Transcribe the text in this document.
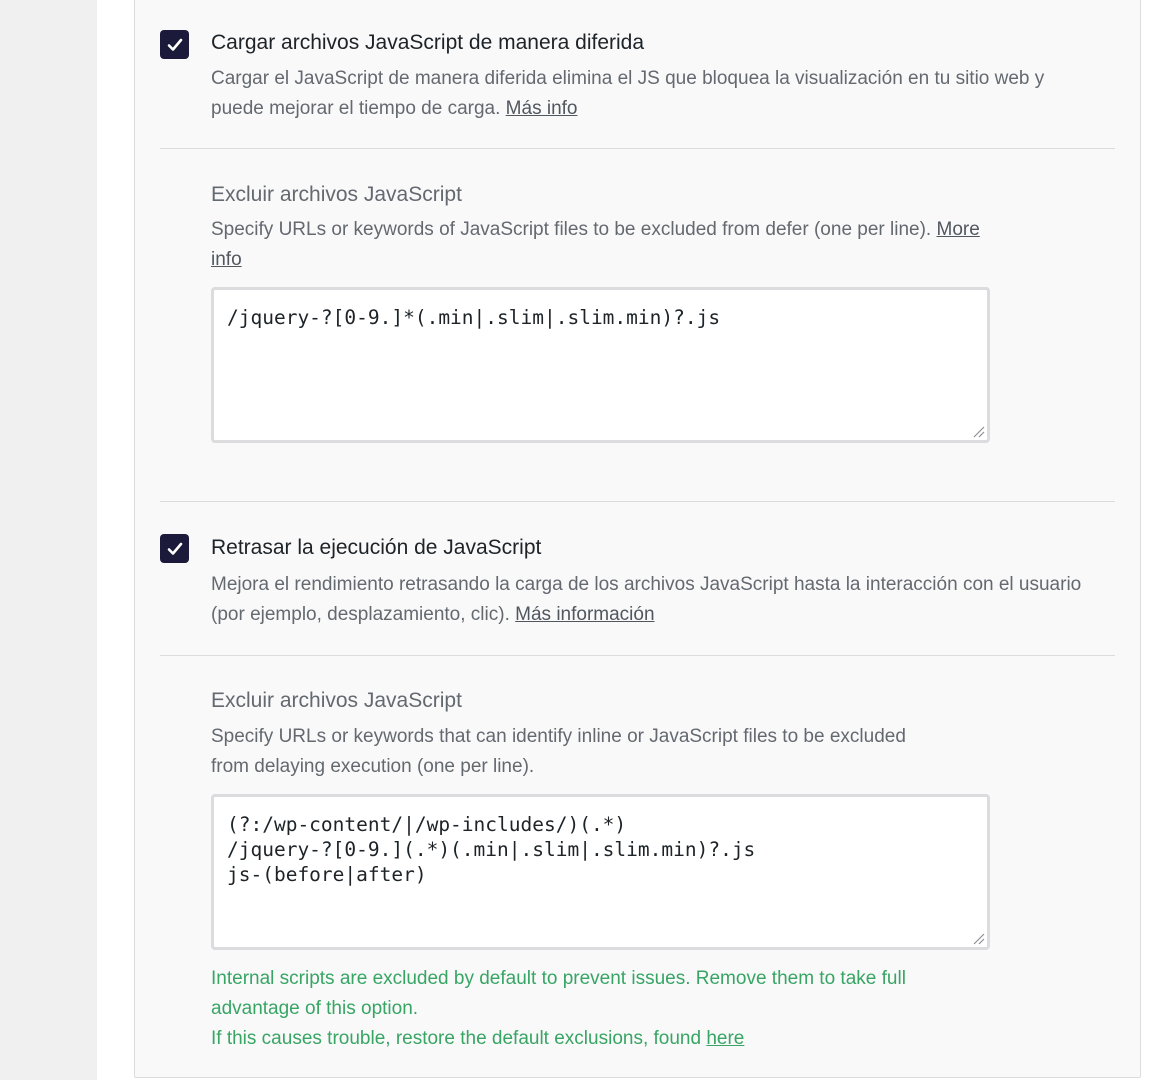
Cargar archivos JavaScript de manera diferida
Cargar el JavaScript de manera diferida elimina el JS que bloquea la visualización en tu sitio web y puede mejorar el tiempo de carga. Más info
Excluir archivos JavaScript
Specify URLs or keywords of JavaScript files to be excluded from defer (one per line). More info
/jquery-?[0-9.]*(.min|.slim|.slim.min)?.js
Retrasar la ejecución de JavaScript
Mejora el rendimiento retrasando la carga de los archivos JavaScript hasta la interacción con el usuario (por ejemplo, desplazamiento, clic). Más información
Excluir archivos JavaScript
Specify URLs or keywords that can identify inline or JavaScript files to be excluded from delaying execution (one per line).
(?:/wp-content/|/wp-includes/)(.*)
/jquery-?[0-9.](.*)(.min|.slim|.slim.min)?.js
js-(before|after)
Internal scripts are excluded by default to prevent issues. Remove them to take full advantage of this option.
If this causes trouble, restore the default exclusions, found here
